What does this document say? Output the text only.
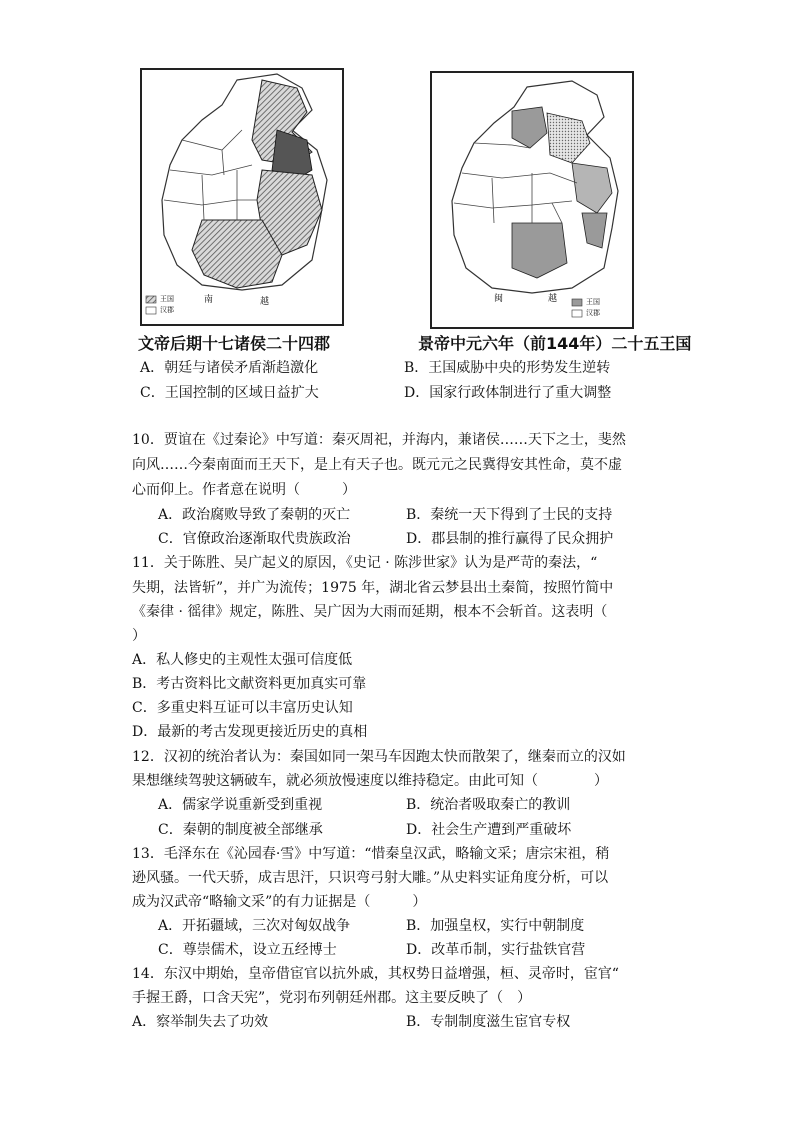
王国
汉郡
南	越	闽	越	王国
汉郡
文帝后期十七诸侯二十四郡	景帝中元六年（前144年）二十五王国
A．朝廷与诸侯矛盾渐趋激化	B．王国威胁中央的形势发生逆转
C．王国控制的区域日益扩大	D．国家行政体制进行了重大调整
10．贾谊在《过秦论》中写道：秦灭周祀，并海内，兼诸侯……天下之士，斐然
向风……今秦南面而王天下，是上有天子也。既元元之民冀得安其性命，莫不虚
心而仰上。作者意在说明（　　　）
A．政治腐败导致了秦朝的灭亡	B．秦统一天下得到了士民的支持
C．官僚政治逐渐取代贵族政治	D．郡县制的推行赢得了民众拥护
11．关于陈胜、吴广起义的原因，《史记 · 陈涉世家》认为是严苛的秦法，“
失期，法皆斩”，并广为流传；1975 年，湖北省云梦县出土秦简，按照竹简中
《秦律 · 徭律》规定，陈胜、吴广因为大雨而延期，根本不会斩首。这表明（
）
A．私人修史的主观性太强可信度低
B．考古资料比文献资料更加真实可靠
C．多重史料互证可以丰富历史认知
D．最新的考古发现更接近历史的真相
12．汉初的统治者认为：秦国如同一架马车因跑太快而散架了，继秦而立的汉如
果想继续驾驶这辆破车，就必须放慢速度以维持稳定。由此可知（　　　　）
A．儒家学说重新受到重视	B．统治者吸取秦亡的教训
C．秦朝的制度被全部继承	D．社会生产遭到严重破坏
13．毛泽东在《沁园春·雪》中写道：“惜秦皇汉武，略输文采；唐宗宋祖，稍
逊风骚。一代天骄，成吉思汗，只识弯弓射大雕。”从史料实证角度分析，可以
成为汉武帝“略输文采”的有力证据是（　　　）
A．开拓疆域，三次对匈奴战争	B．加强皇权，实行中朝制度
C．尊崇儒术，设立五经博士	D．改革币制，实行盐铁官营
14．东汉中期始，皇帝借宦官以抗外戚，其权势日益增强，桓、灵帝时，宦官“
手握王爵，口含天宪”，党羽布列朝廷州郡。这主要反映了（　）
A．察举制失去了功效	B．专制制度滋生宦官专权
